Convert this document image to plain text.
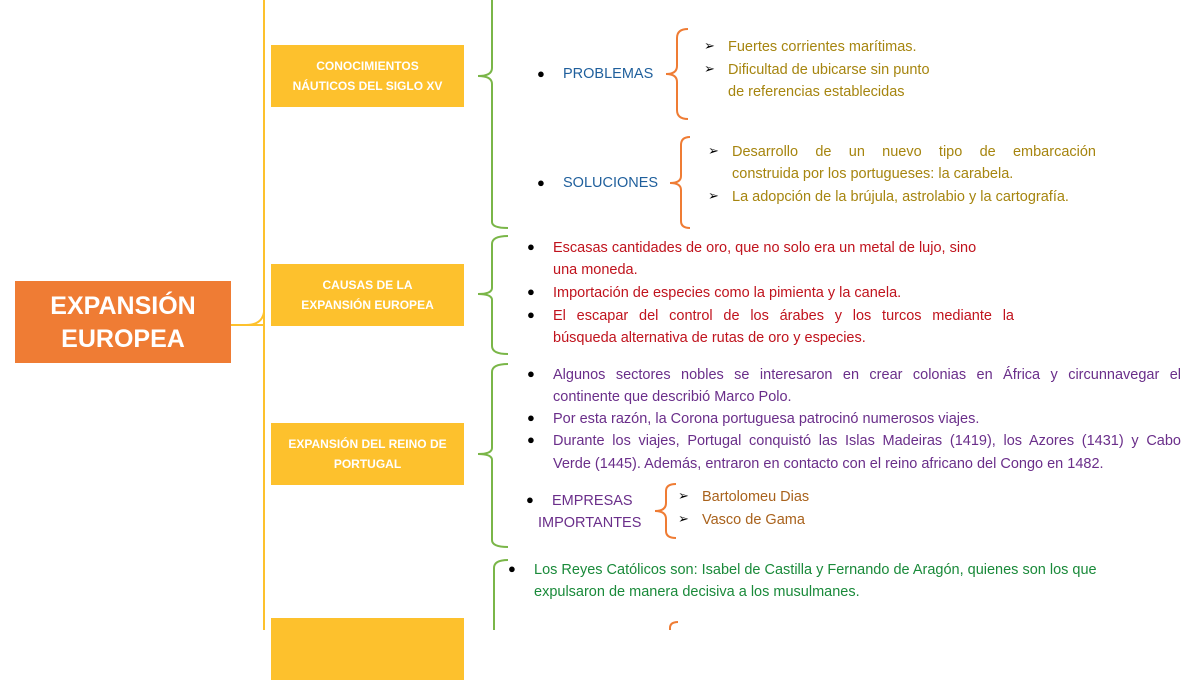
EXPANSIÓN
EUROPEA
CONOCIMIENTOS
NÁUTICOS DEL SIGLO XV
CAUSAS DE LA
EXPANSIÓN EUROPEA
EXPANSIÓN DEL REINO DE
PORTUGAL
● PROBLEMAS
➢ Fuertes corrientes marítimas.
➢ Dificultad de ubicarse sin punto
de referencias establecidas
● SOLUCIONES
➢ Desarrollo de un nuevo tipo de embarcación
construida por los portugueses: la carabela.
➢ La adopción de la brújula, astrolabio y la cartografía.
● Escasas cantidades de oro, que no solo era un metal de lujo, sino
una moneda.
● Importación de especies como la pimienta y la canela.
● El escapar del control de los árabes y los turcos mediante la
búsqueda alternativa de rutas de oro y especies.
● Algunos sectores nobles se interesaron en crear colonias en África y circunnavegar el
continente que describió Marco Polo.
● Por esta razón, la Corona portuguesa patrocinó numerosos viajes.
● Durante los viajes, Portugal conquistó las Islas Madeiras (1419), los Azores (1431) y Cabo
Verde (1445). Además, entraron en contacto con el reino africano del Congo en 1482.
● EMPRESAS
IMPORTANTES
➢ Bartolomeu Dias
➢ Vasco de Gama
● Los Reyes Católicos son: Isabel de Castilla y Fernando de Aragón, quienes son los que
expulsaron de manera decisiva a los musulmanes.
